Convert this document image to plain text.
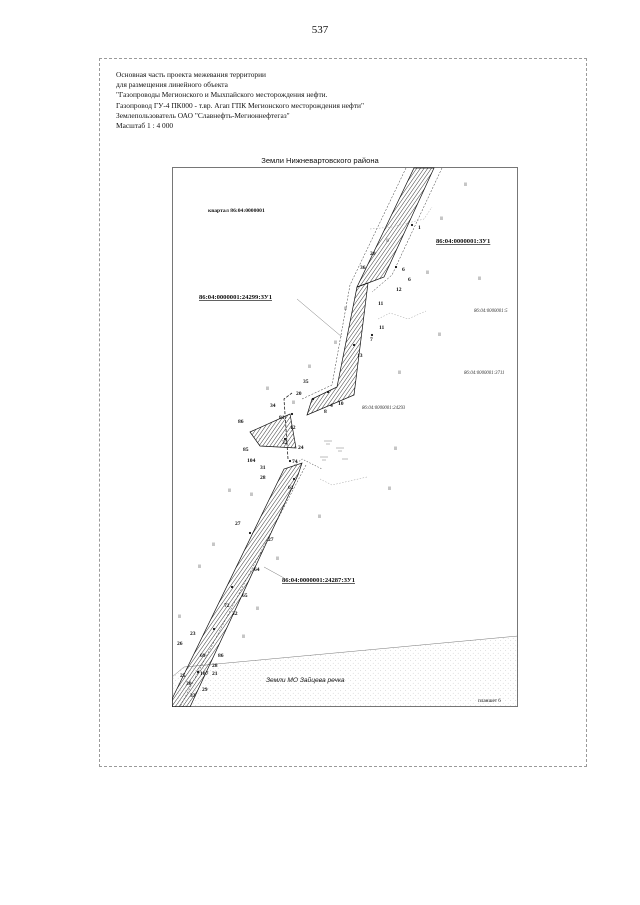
537
Основная часть проекта межевания территории
для размещения линейного объекта
"Газопроводы Мегионского и Мыхпайского месторождения нефти.
Газопровод ГУ-4 ПК000 - т.вр. Агап ГПК Мегионского месторождения нефти"
Землепользователь ОАО "Славнефть-Мегионнефтегаз"
Масштаб 1 : 4 000
Земли Нижневартовского района
квартал 86:04:0000001
86:04:0000001:ЗУ1
86:04:0000001:24299:ЗУ1
86:04:0000001:24287:ЗУ1
86:04:0000001:5
86:04:0000001:3711
86:04:0000001:24293
Земли МО Зайцева речка
планшет 6
1
20
36	6
12
11
13
35
20
34	10
86
81
85
104
31
28
27
27
64
65
72
32
23
26
25
30
29
69
28
86
107 21
33
74
61
24
12
32
8
7
11
4
6
|||
|||
|||
|||
|||
|||
|||
|||
|||
|||
|||
|||
|||
|||
|||
|||
|||
|||
|||
|||
|||
|||
|||
